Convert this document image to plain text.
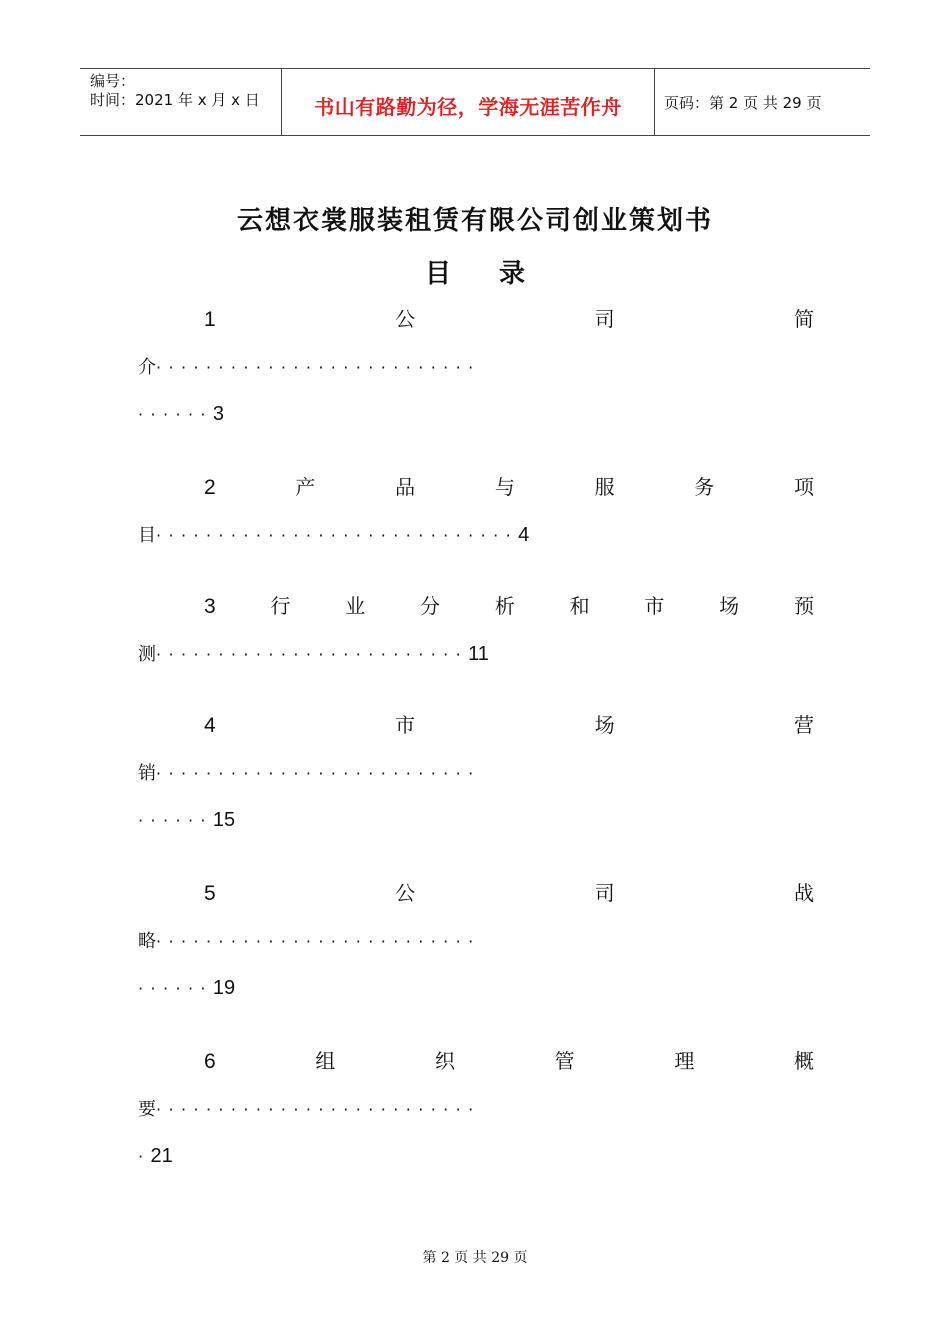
编号：
时间：2021 年 x 月 x 日	书山有路勤为径，学海无涯苦作舟	页码：第 2 页 共 29 页
云想衣裳服装租赁有限公司创业策划书
目 录
1	公	司	简
介 ··························
······ 3
2	产	品	与	服	务	项
目 ····························· 4
3	行	业	分	析	和	市	场	预
测 ························· 11
4	市	场	营
销 ··························
······ 15
5	公	司	战
略 ··························
······ 19
6	组	织	管	理	概
要 ··························
· 21
第 2 页 共 29 页
